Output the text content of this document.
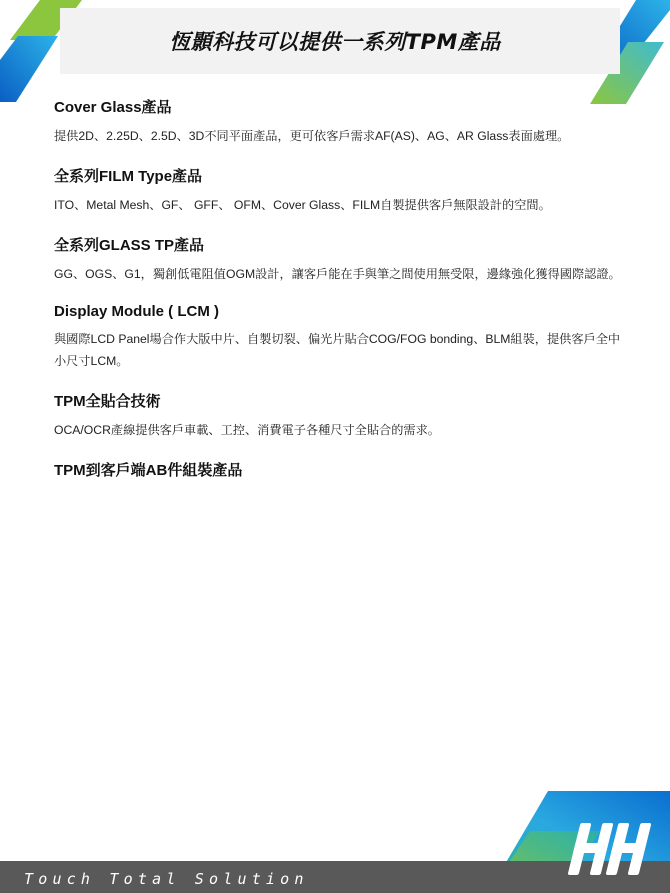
恆顥科技可以提供一系列TPM產品
Cover Glass產品

提供2D、2.25D、2.5D、3D不同平面產品，更可依客戶需求AF(AS)、AG、AR Glass表面處理。

全系列FILM Type產品

ITO、Metal Mesh、GF、 GFF、 OFM、Cover Glass、FILM自製提供客戶無限設計的空間。

全系列GLASS TP產品

GG、OGS、G1，獨創低電阻值OGM設計，讓客戶能在手與筆之間使用無受限，邊緣強化獲得國際認證。

Display Module ( LCM )

與國際LCD Panel場合作大版中片、自製切裂、偏光片貼合COG/FOG bonding、BLM組裝，提供客戶全中小尺寸LCM。

TPM全貼合技術

OCA/OCR產線提供客戶車載、工控、消費電子各種尺寸全貼合的需求。

TPM到客戶端AB件組裝產品
Touch Total Solution
